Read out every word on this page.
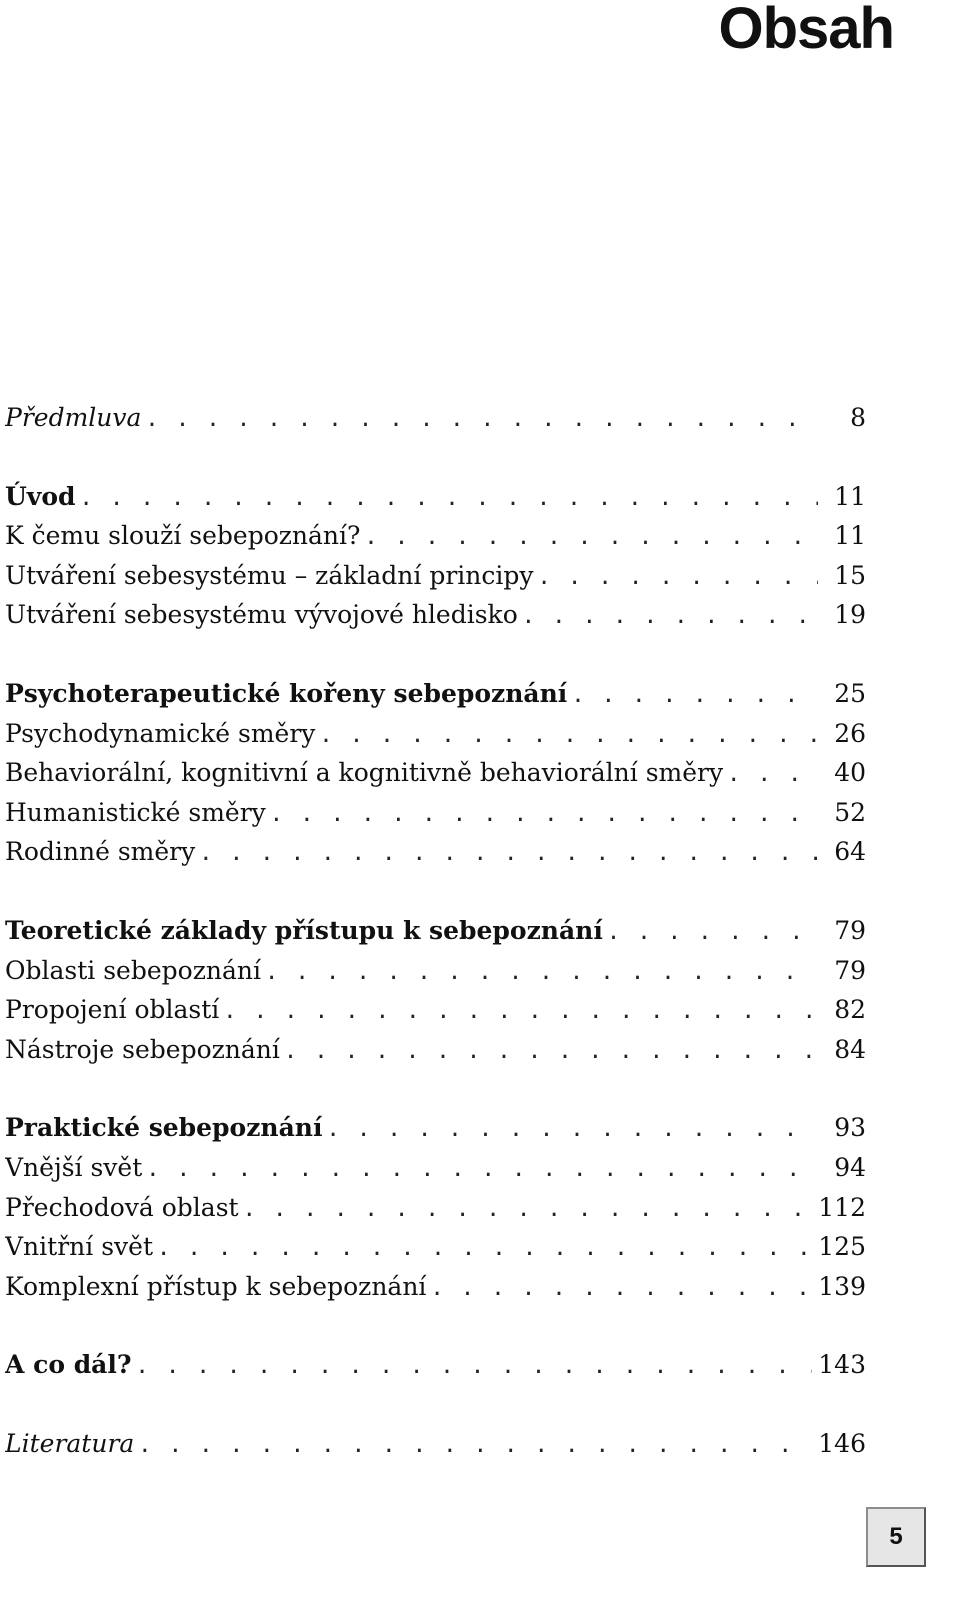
Obsah
Předmluva . . .	8
Úvod . . .	11
K čemu slouží sebepoznání? . . .	11
Utváření sebesystému – základní principy . . .	15
Utváření sebesystému vývojové hledisko . . .	19
Psychoterapeutické kořeny sebepoznání . . .	25
Psychodynamické směry . . .	26
Behaviorální, kognitivní a kognitivně behaviorální směry . . .	40
Humanistické směry . . .	52
Rodinné směry . . .	64
Teoretické základy přístupu k sebepoznání . . .	79
Oblasti sebepoznání . . .	79
Propojení oblastí . . .	82
Nástroje sebepoznání . . .	84
Praktické sebepoznání . . .	93
Vnější svět . . .	94
Přechodová oblast . . .	112
Vnitřní svět . . .	125
Komplexní přístup k sebepoznání . . .	139
A co dál? . . .	143
Literatura . . .	146
5
